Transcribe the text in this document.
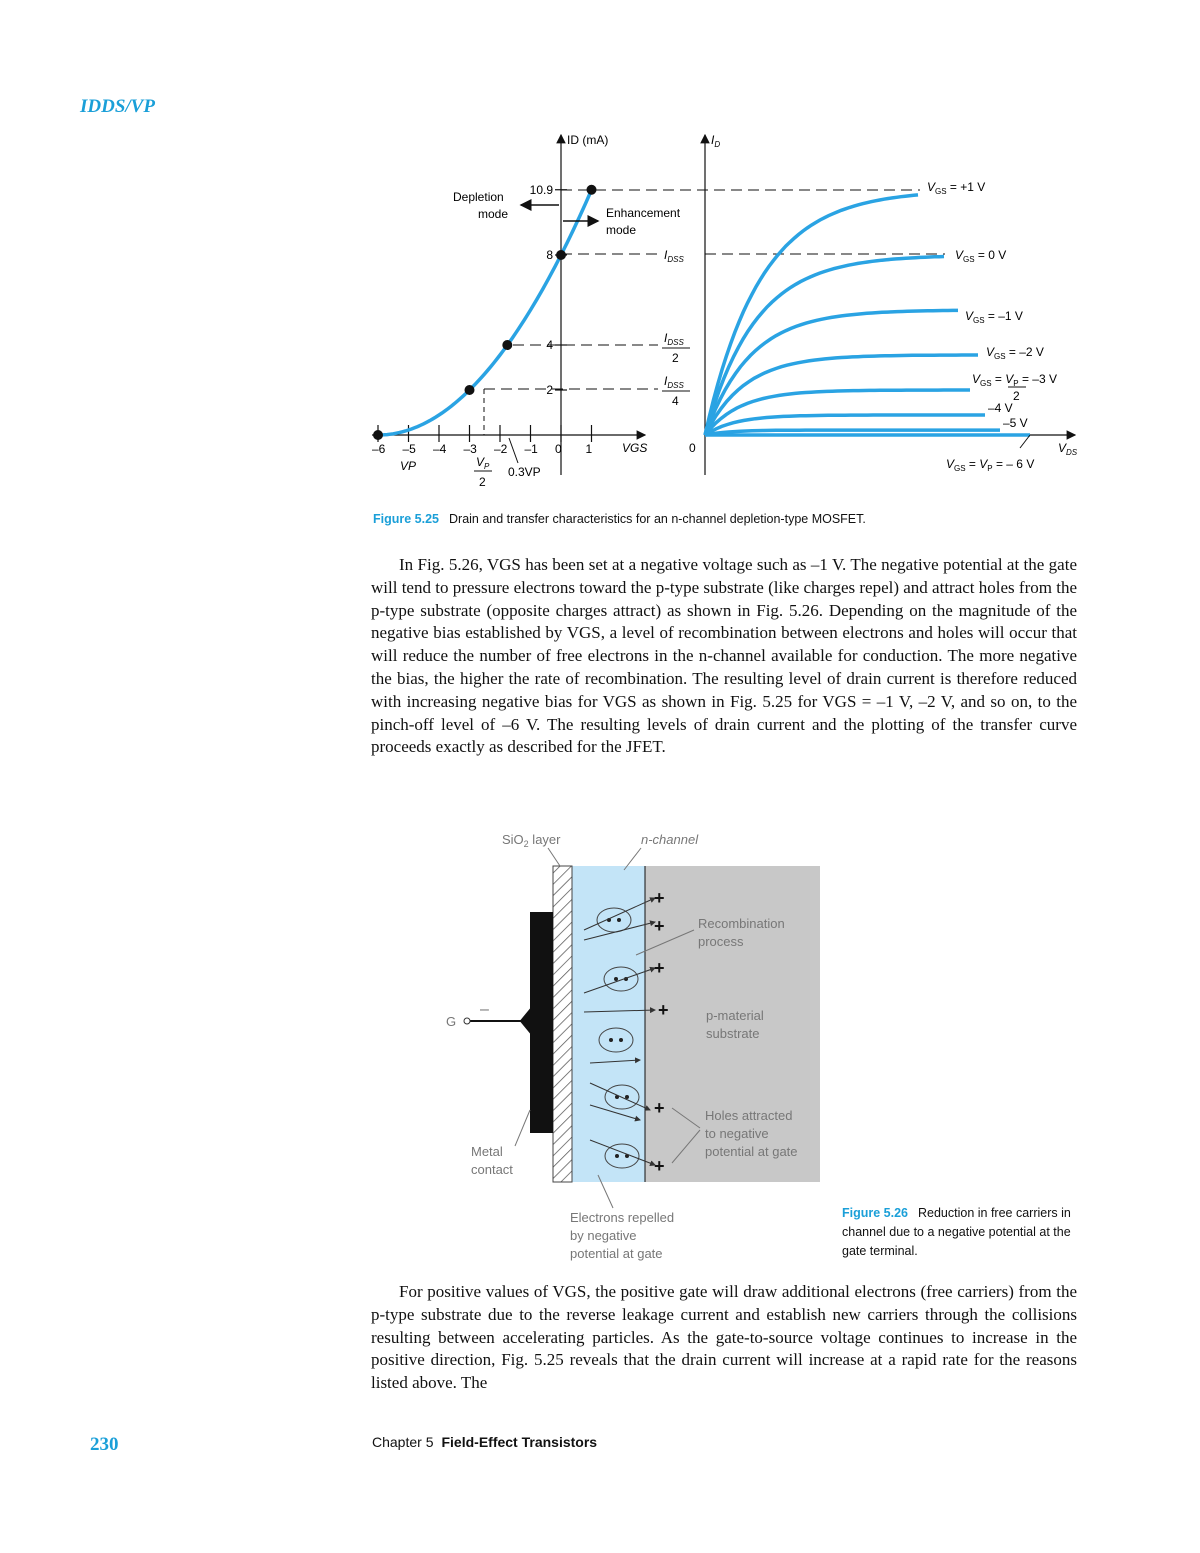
IDDS/VP
ID (mA)
VGS
–6 –5 –4 –3 –2 –1 0 1
10.9
8
4
2
Depletion
mode	Enhancement
mode
VP	$V_P$
2
0.3VP
$I_{DSS}$
$I_{DSS}$
2
$I_{DSS}$
4
$I_D$
$V_{DS}$
0
$V_{GS} = +1$ V
$V_{GS} = 0$ V
$V_{GS} = -1$ V
$V_{GS} = -2$ V
$V_{GS} = V_P = -3$ V
2
–4 V
–5 V
$V_{GS} = V_P$ = – 6 V
Figure 5.25 Drain and transfer characteristics for an n-channel depletion-type MOSFET.

In Fig. 5.26, VGS has been set at a negative voltage such as –1 V. The negative potential at the gate will tend to pressure electrons toward the p-type substrate (like charges repel) and attract holes from the p-type substrate (opposite charges attract) as shown in Fig. 5.26. Depending on the magnitude of the negative bias established by VGS, a level of recombination between electrons and holes will occur that will reduce the number of free electrons in the n-channel available for conduction. The more negative the bias, the higher the rate of recombination. The resulting level of drain current is therefore reduced with increasing negative bias for VGS as shown in Fig. 5.25 for VGS = –1 V, –2 V, and so on, to the pinch-off level of –6 V. The resulting levels of drain current and the plotting of the transfer curve proceeds exactly as described for the JFET.

G
–
+
+
+
+
+
+
SiO$_2$ layer	n-channel
Recombination
process
p-material
substrate
Holes attracted
to negative
potential at gate
Metal
contact
Electrons repelled
by negative
potential at gate
Figure 5.26 Reduction in free carriers in channel due to a negative potential at the gate terminal.

For positive values of VGS, the positive gate will draw additional electrons (free carriers) from the p-type substrate due to the reverse leakage current and establish new carriers through the collisions resulting between accelerating particles. As the gate-to-source voltage continues to increase in the positive direction, Fig. 5.25 reveals that the drain current will increase at a rapid rate for the reasons listed above. The

230	Chapter 5 Field-Effect Transistors
